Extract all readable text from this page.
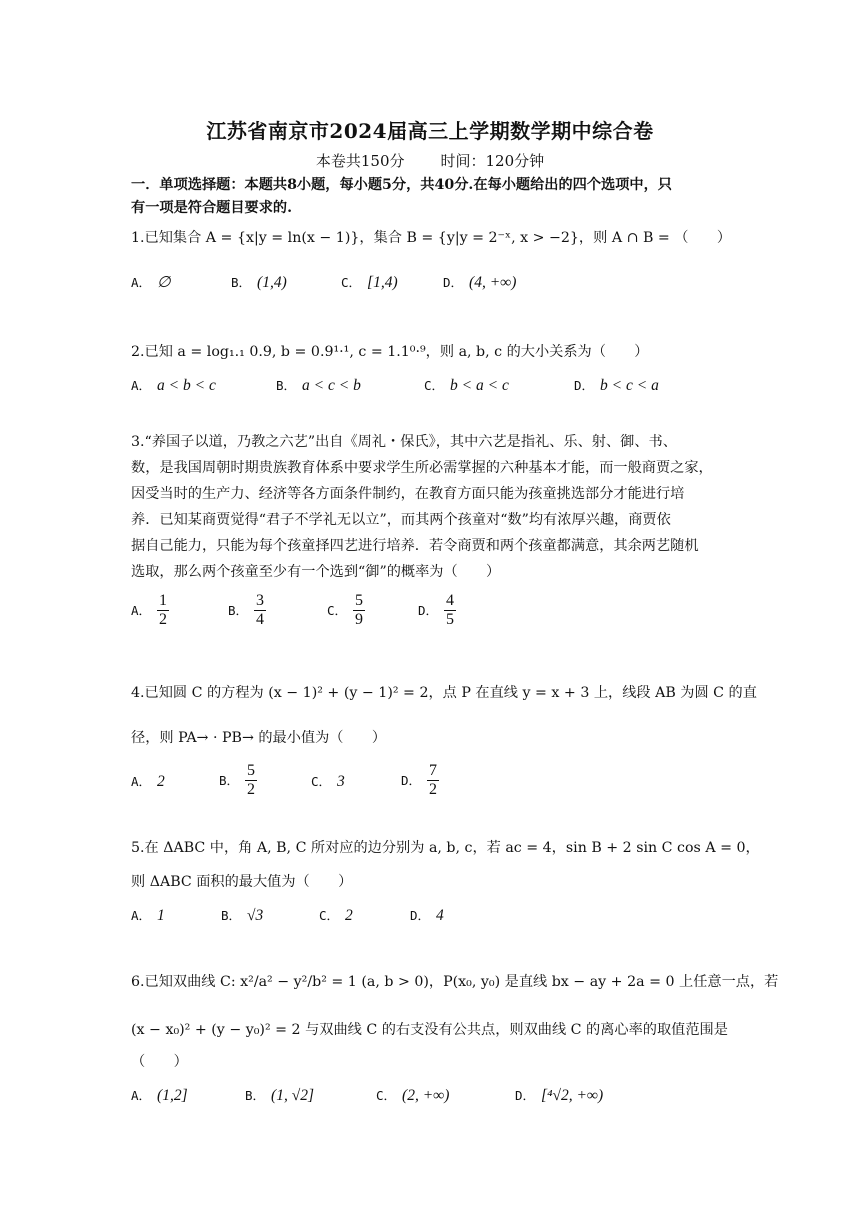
江苏省南京市2024届高三上学期数学期中综合卷
本卷共150分 时间：120分钟
一．单项选择题：本题共8小题，每小题5分，共40分.在每小题给出的四个选项中，只
有一项是符合题目要求的.
1.已知集合 A = {x|y = ln(x − 1)}，集合 B = {y|y = 2⁻ˣ, x > −2}，则 A ∩ B = （　　）
A． ∅	B． (1,4)	C． [1,4)	D． (4, +∞)
2.已知 a = log₁.₁ 0.9, b = 0.9¹·¹, c = 1.1⁰·⁹，则 a, b, c 的大小关系为（　　）
A． a < b < c	B． a < c < b	C． b < a < c	D． b < c < a
3.“养国子以道，乃教之六艺”出自《周礼・保氏》，其中六艺是指礼、乐、射、御、书、
数，是我国周朝时期贵族教育体系中要求学生所必需掌握的六种基本才能，而一般商贾之家，
因受当时的生产力、经济等各方面条件制约，在教育方面只能为孩童挑选部分才能进行培
养．已知某商贾觉得“君子不学礼无以立”，而其两个孩童对“数”均有浓厚兴趣，商贾依
据自己能力，只能为每个孩童择四艺进行培养．若令商贾和两个孩童都满意，其余两艺随机
选取，那么两个孩童至少有一个选到“御”的概率为（　　）
A． $\frac{1}{2}$	B． $\frac{3}{4}$	C． $\frac{5}{9}$	D． $\frac{4}{5}$
4.已知圆 C 的方程为 (x − 1)² + (y − 1)² = 2，点 P 在直线 y = x + 3 上，线段 AB 为圆 C 的直
径，则 PA→ · PB→ 的最小值为（　　）
A． 2	B． $\frac{5}{2}$	C． 3	D． $\frac{7}{2}$
5.在 ΔABC 中，角 A, B, C 所对应的边分别为 a, b, c，若 ac = 4，sin B + 2 sin C cos A = 0，
则 ΔABC 面积的最大值为（　　）
A． 1	B． √3	C． 2	D． 4
6.已知双曲线 C: x²/a² − y²/b² = 1 (a, b > 0)，P(x₀, y₀) 是直线 bx − ay + 2a = 0 上任意一点，若
(x − x₀)² + (y − y₀)² = 2 与双曲线 C 的右支没有公共点，则双曲线 C 的离心率的取值范围是
（　　）
A． (1,2]	B． (1, √2]	C． (2, +∞)	D． [⁴√2, +∞)
